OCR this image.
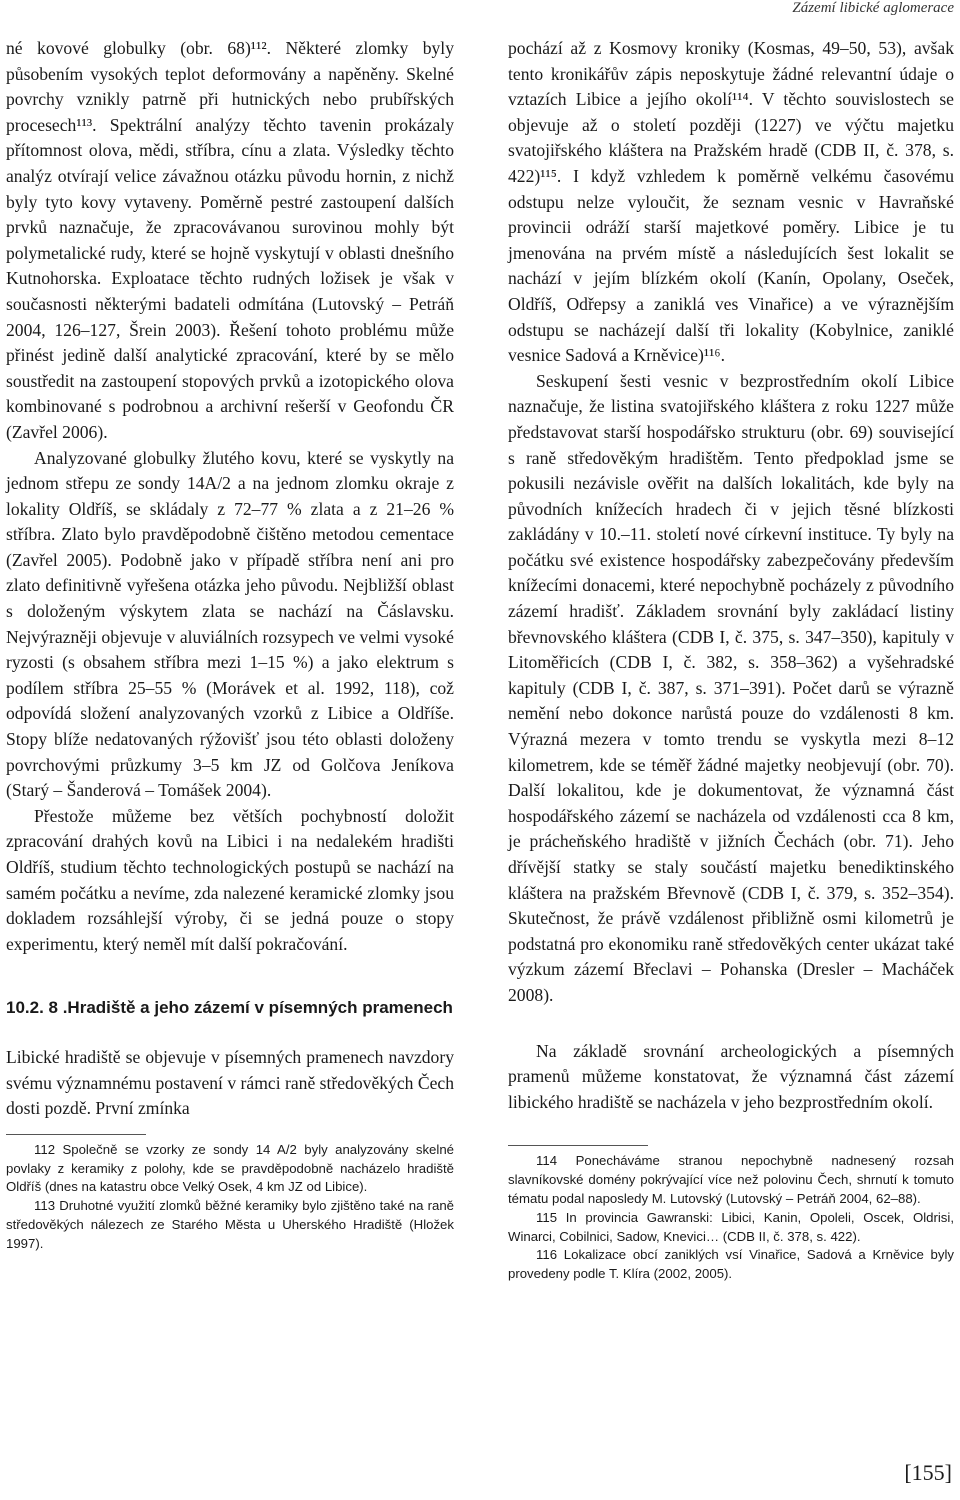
Zázemí libické aglomerace

né kovové globulky (obr. 68)¹¹². Některé zlomky byly působením vysokých teplot deformovány a napěněny. Skelné povrchy vznikly patrně při hutnických nebo prubířských procesech¹¹³. Spektrální analýzy těchto tavenin prokázaly přítomnost olova, mědi, stříbra, cínu a zlata. Výsledky těchto analýz otvírají velice závažnou otázku původu hornin, z nichž byly tyto kovy vytaveny. Poměrně pestré zastoupení dalších prvků naznačuje, že zpracovávanou surovinou mohly být polymetalické rudy, které se hojně vyskytují v oblasti dnešního Kutnohorska. Exploatace těchto rudných ložisek je však v současnosti některými badateli odmítána (Lutovský – Petráň 2004, 126–127, Šrein 2003). Řešení tohoto problému může přinést jedině další analytické zpracování, které by se mělo soustředit na zastoupení stopových prvků a izotopického olova kombinované s podrobnou a archivní rešerší v Geofondu ČR (Zavřel 2006).

Analyzované globulky žlutého kovu, které se vyskytly na jednom střepu ze sondy 14A/2 a na jednom zlomku okraje z lokality Oldříš, se skládaly z 72–77 % zlata a z 21–26 % stříbra. Zlato bylo pravděpodobně čištěno metodou cementace (Zavřel 2005). Podobně jako v případě stříbra není ani pro zlato definitivně vyřešena otázka jeho původu. Nejbližší oblast s doloženým výskytem zlata se nachází na Čáslavsku. Nejvýrazněji objevuje v aluviálních rozsypech ve velmi vysoké ryzosti (s obsahem stříbra mezi 1–15 %) a jako elektrum s podílem stříbra 25–55 % (Morávek et al. 1992, 118), což odpovídá složení analyzovaných vzorků z Libice a Oldříše. Stopy blíže nedatovaných rýžovišť jsou této oblasti doloženy povrchovými průzkumy 3–5 km JZ od Golčova Jeníkova (Starý – Šanderová – Tomášek 2004).

Přestože můžeme bez větších pochybností doložit zpracování drahých kovů na Libici i na nedalekém hradišti Oldříš, studium těchto technologických postupů se nachází na samém počátku a nevíme, zda nalezené keramické zlomky jsou dokladem rozsáhlejší výroby, či se jedná pouze o stopy experimentu, který neměl mít další pokračování.

10.2. 8 .Hradiště a jeho zázemí v písemných pramenech

Libické hradiště se objevuje v písemných pramenech navzdory svému významnému postavení v rámci raně středověkých Čech dosti pozdě. První zmínka

112 Společně se vzorky ze sondy 14 A/2 byly analyzovány skelné povlaky z keramiky z polohy, kde se pravděpodobně nacházelo hradiště Oldříš (dnes na katastru obce Velký Osek, 4 km JZ od Libice).

113 Druhotné využití zlomků běžné keramiky bylo zjištěno také na raně středověkých nálezech ze Starého Města u Uherského Hradiště (Hložek 1997).

pochází až z Kosmovy kroniky (Kosmas, 49–50, 53), avšak tento kronikářův zápis neposkytuje žádné relevantní údaje o vztazích Libice a jejího okolí¹¹⁴. V těchto souvislostech se objevuje až o století později (1227) ve výčtu majetku svatojiřského kláštera na Pražském hradě (CDB II, č. 378, s. 422)¹¹⁵. I když vzhledem k poměrně velkému časovému odstupu nelze vyloučit, že seznam vesnic v Havraňské provincii odráží starší majetkové poměry. Libice je tu jmenována na prvém místě a následujících šest lokalit se nachází v jejím blízkém okolí (Kanín, Opolany, Oseček, Oldříš, Odřepsy a zaniklá ves Vinařice) a ve výraznějším odstupu se nacházejí další tři lokality (Kobylnice, zaniklé vesnice Sadová a Krněvice)¹¹⁶.

Seskupení šesti vesnic v bezprostředním okolí Libice naznačuje, že listina svatojiřského kláštera z roku 1227 může představovat starší hospodářsko strukturu (obr. 69) související s raně středověkým hradištěm. Tento předpoklad jsme se pokusili nezávisle ověřit na dalších lokalitách, kde byly na původních knížecích hradech či v jejich těsné blízkosti zakládány v 10.–11. století nové církevní instituce. Ty byly na počátku své existence hospodářsky zabezpečovány především knížecími donacemi, které nepochybně pocházely z původního zázemí hradišť. Základem srovnání byly zakládací listiny břevnovského kláštera (CDB I, č. 375, s. 347–350), kapituly v Litoměřicích (CDB I, č. 382, s. 358–362) a vyšehradské kapituly (CDB I, č. 387, s. 371–391). Počet darů se výrazně nemění nebo dokonce narůstá pouze do vzdálenosti 8 km. Výrazná mezera v tomto trendu se vyskytla mezi 8–12 kilometrem, kde se téměř žádné majetky neobjevují (obr. 70). Další lokalitou, kde je dokumentovat, že významná část hospodářského zázemí se nacházela od vzdálenosti cca 8 km, je prácheňského hradiště v jižních Čechách (obr. 71). Jeho dřívější statky se staly součástí majetku benediktinského kláštera na pražském Břevnově (CDB I, č. 379, s. 352–354). Skutečnost, že právě vzdálenost přibližně osmi kilometrů je podstatná pro ekonomiku raně středověkých center ukázat také výzkum zázemí Břeclavi – Pohanska (Dresler – Macháček 2008).

Na základě srovnání archeologických a písemných pramenů můžeme konstatovat, že významná část zázemí libického hradiště se nacházela v jeho bezprostředním okolí.

114 Ponecháváme stranou nepochybně nadnesený rozsah slavníkovské domény pokrývající více než polovinu Čech, shrnutí k tomuto tématu podal naposledy M. Lutovský (Lutovský – Petráň 2004, 62–88).

115 In provincia Gawranski: Libici, Kanin, Opoleli, Oscek, Oldrisi, Winarci, Cobilnici, Sadow, Knevici… (CDB II, č. 378, s. 422).

116 Lokalizace obcí zaniklých vsí Vinařice, Sadová a Krněvice byly provedeny podle T. Klíra (2002, 2005).

[155]
